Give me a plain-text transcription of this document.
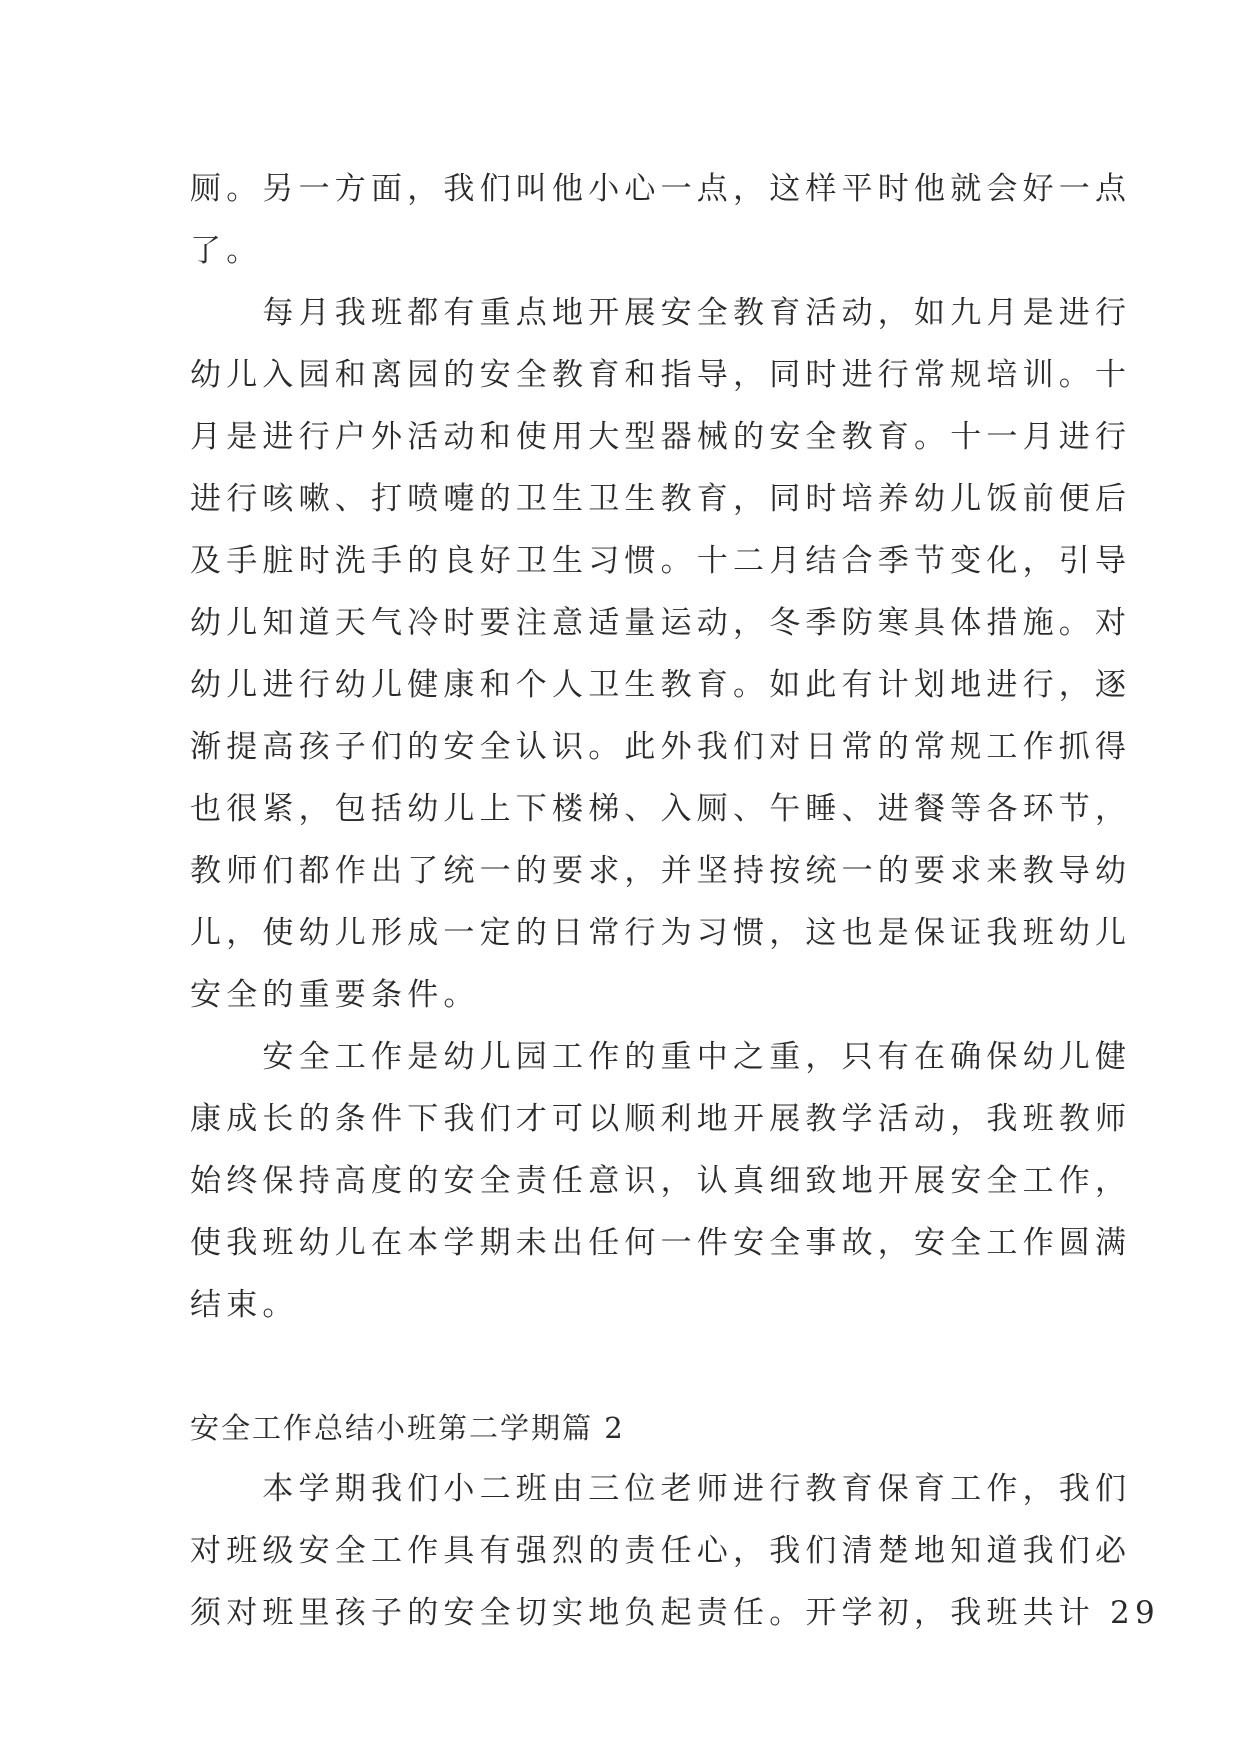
厕。另一方面，我们叫他小心一点，这样平时他就会好一点
了。
　　每月我班都有重点地开展安全教育活动，如九月是进行
幼儿入园和离园的安全教育和指导，同时进行常规培训。十
月是进行户外活动和使用大型器械的安全教育。十一月进行
进行咳嗽、打喷嚏的卫生卫生教育，同时培养幼儿饭前便后
及手脏时洗手的良好卫生习惯。十二月结合季节变化，引导
幼儿知道天气冷时要注意适量运动，冬季防寒具体措施。对
幼儿进行幼儿健康和个人卫生教育。如此有计划地进行，逐
渐提高孩子们的安全认识。此外我们对日常的常规工作抓得
也很紧，包括幼儿上下楼梯、入厕、午睡、进餐等各环节，
教师们都作出了统一的要求，并坚持按统一的要求来教导幼
儿，使幼儿形成一定的日常行为习惯，这也是保证我班幼儿
安全的重要条件。
　　安全工作是幼儿园工作的重中之重，只有在确保幼儿健
康成长的条件下我们才可以顺利地开展教学活动，我班教师
始终保持高度的安全责任意识，认真细致地开展安全工作，
使我班幼儿在本学期未出任何一件安全事故，安全工作圆满
结束。
安全工作总结小班第二学期篇 2
　　本学期我们小二班由三位老师进行教育保育工作，我们
对班级安全工作具有强烈的责任心，我们清楚地知道我们必
须对班里孩子的安全切实地负起责任。开学初，我班共计 29
